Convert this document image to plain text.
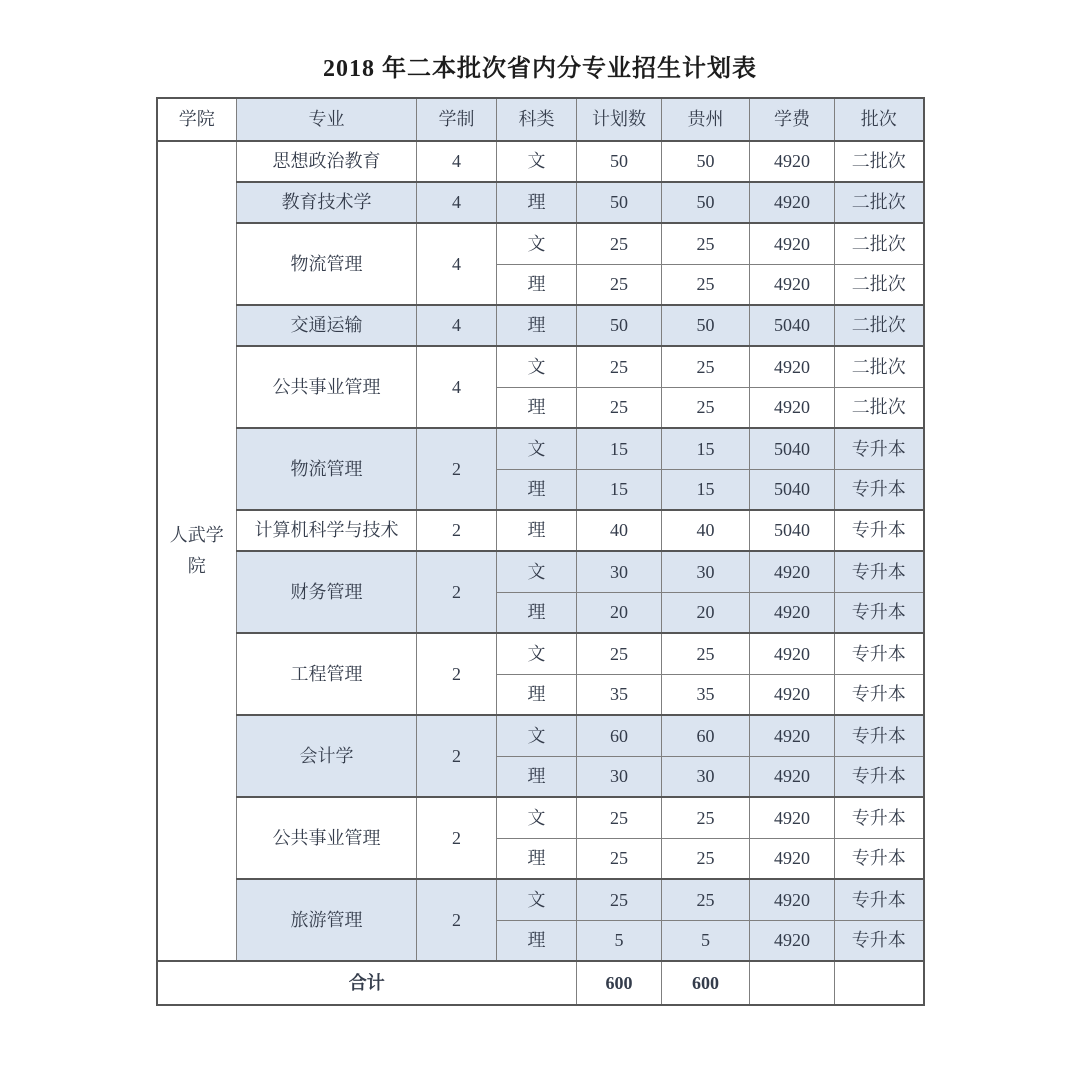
2018 年二本批次省内分专业招生计划表
学院	专业	学制	科类	计划数	贵州	学费	批次

人武学院	思想政治教育	4	文	50	50	4920	二批次
	教育技术学	4	理	50	50	4920	二批次
	物流管理	4	文	25	25	4920	二批次
			理	25	25	4920	二批次
	交通运输	4	理	50	50	5040	二批次
	公共事业管理	4	文	25	25	4920	二批次
			理	25	25	4920	二批次
	物流管理	2	文	15	15	5040	专升本
			理	15	15	5040	专升本
	计算机科学与技术	2	理	40	40	5040	专升本
	财务管理	2	文	30	30	4920	专升本
			理	20	20	4920	专升本
	工程管理	2	文	25	25	4920	专升本
			理	35	35	4920	专升本
	会计学	2	文	60	60	4920	专升本
			理	30	30	4920	专升本
	公共事业管理	2	文	25	25	4920	专升本
			理	25	25	4920	专升本
	旅游管理	2	文	25	25	4920	专升本
			理	5	5	4920	专升本
合计				600	600		
